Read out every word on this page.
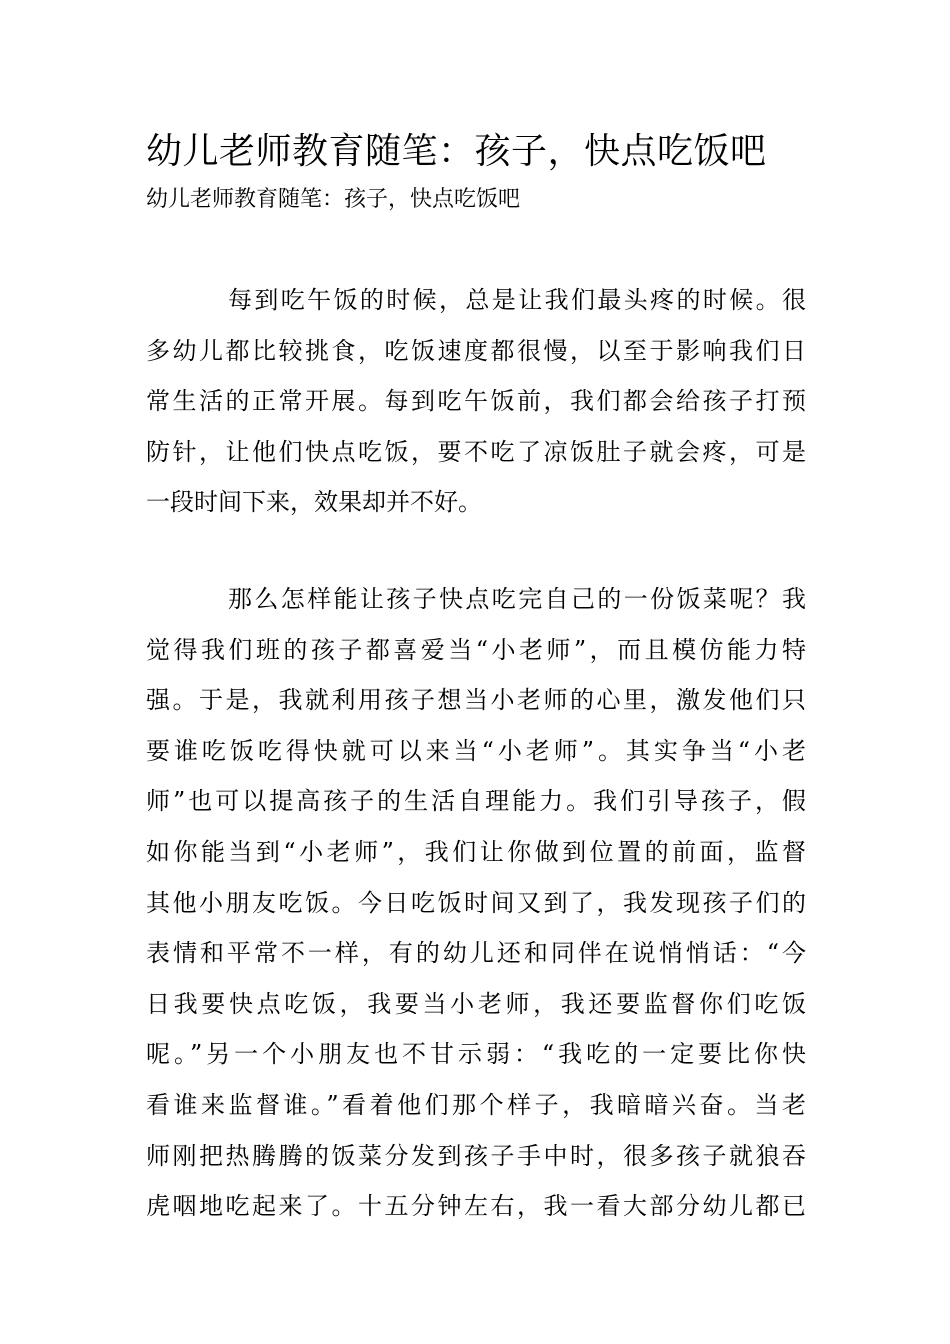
幼儿老师教育随笔：孩子，快点吃饭吧
幼儿老师教育随笔：孩子，快点吃饭吧
每到吃午饭的时候，总是让我们最头疼的时候。很
多幼儿都比较挑食，吃饭速度都很慢，以至于影响我们日
常生活的正常开展。每到吃午饭前，我们都会给孩子打预
防针，让他们快点吃饭，要不吃了凉饭肚子就会疼，可是
一段时间下来，效果却并不好。
那么怎样能让孩子快点吃完自己的一份饭菜呢？我
觉得我们班的孩子都喜爱当“小老师”，而且模仿能力特
强。于是，我就利用孩子想当小老师的心里，激发他们只
要谁吃饭吃得快就可以来当“小老师”。其实争当“小老
师”也可以提高孩子的生活自理能力。我们引导孩子，假
如你能当到“小老师”，我们让你做到位置的前面，监督
其他小朋友吃饭。今日吃饭时间又到了，我发现孩子们的
表情和平常不一样，有的幼儿还和同伴在说悄悄话：“今
日我要快点吃饭，我要当小老师，我还要监督你们吃饭
呢。”另一个小朋友也不甘示弱：“我吃的一定要比你快
看谁来监督谁。”看着他们那个样子，我暗暗兴奋。当老
师刚把热腾腾的饭菜分发到孩子手中时，很多孩子就狼吞
虎咽地吃起来了。十五分钟左右，我一看大部分幼儿都已
